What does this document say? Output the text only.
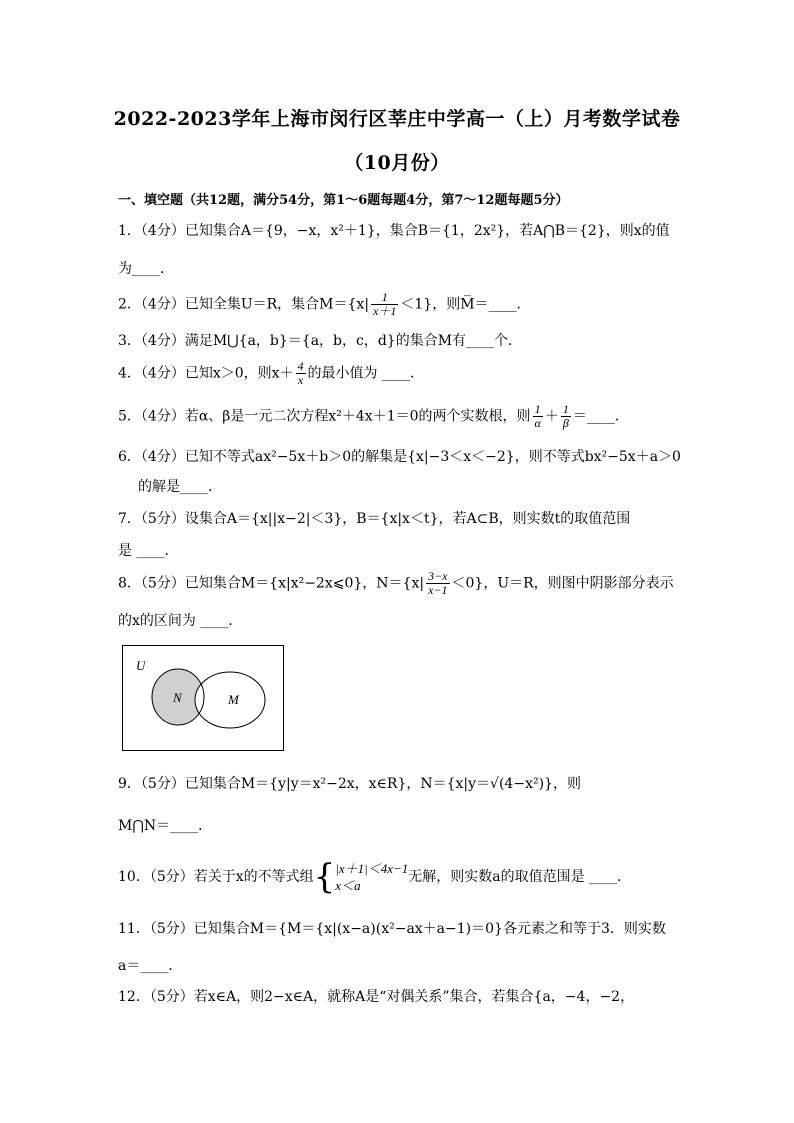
2022-2023学年上海市闵行区莘庄中学高一（上）月考数学试卷
（10月份）
一、填空题（共12题，满分54分，第1～6题每题4分，第7～12题每题5分）
1．（4分）已知集合A＝{9，−x，x²＋1}，集合B＝{1，2x²}，若A⋂B＝{2}，则x的值
为____．
2．（4分）已知全集U＝R，集合$M=\{x| \frac{1}{x+1} <1\}$，则M̅＝____．
3．（4分）满足M⋃{a，b}＝{a，b，c，d}的集合M有____个．
4．（4分）已知x＞0，则$x+ \frac{4}{x}$ 的最小值为 ____．
5．（4分）若α、β是一元二次方程x²＋4x＋1＝0的两个实数根，则 $\frac{1}{\alpha} + \frac{1}{\beta}$ ＝____．
6．（4分）已知不等式ax²−5x＋b＞0的解集是{x|−3＜x＜−2}，则不等式bx²−5x＋a＞0
的解是____．
7．（5分）设集合A＝{x||x−2|＜3}，B＝{x|x＜t}，若A⊂B，则实数t的取值范围
是 ____．
8．（5分）已知集合M＝{x|x²−2x⩽0}，$N=\{x| \frac{3-x}{x-1} <0\}$，U＝R，则图中阴影部分表示
的x的区间为 ____．
U
N	M
9．（5分）已知集合M＝{y|y＝x²−2x，x∈R}，N＝{x|y＝√(4−x²)}，则
M⋂N＝____．
10．（5分）若关于x的不等式组{ |x＋1|＜4x−1
x＜a
无解，则实数a的取值范围是 ____．
11．（5分）已知集合M＝{M＝{x|(x−a)(x²−ax＋a−1)＝0}各元素之和等于3．则实数
a＝____．
12．（5分）若x∈A，则2−x∈A，就称A是“对偶关系”集合，若集合{a，−4，−2，
